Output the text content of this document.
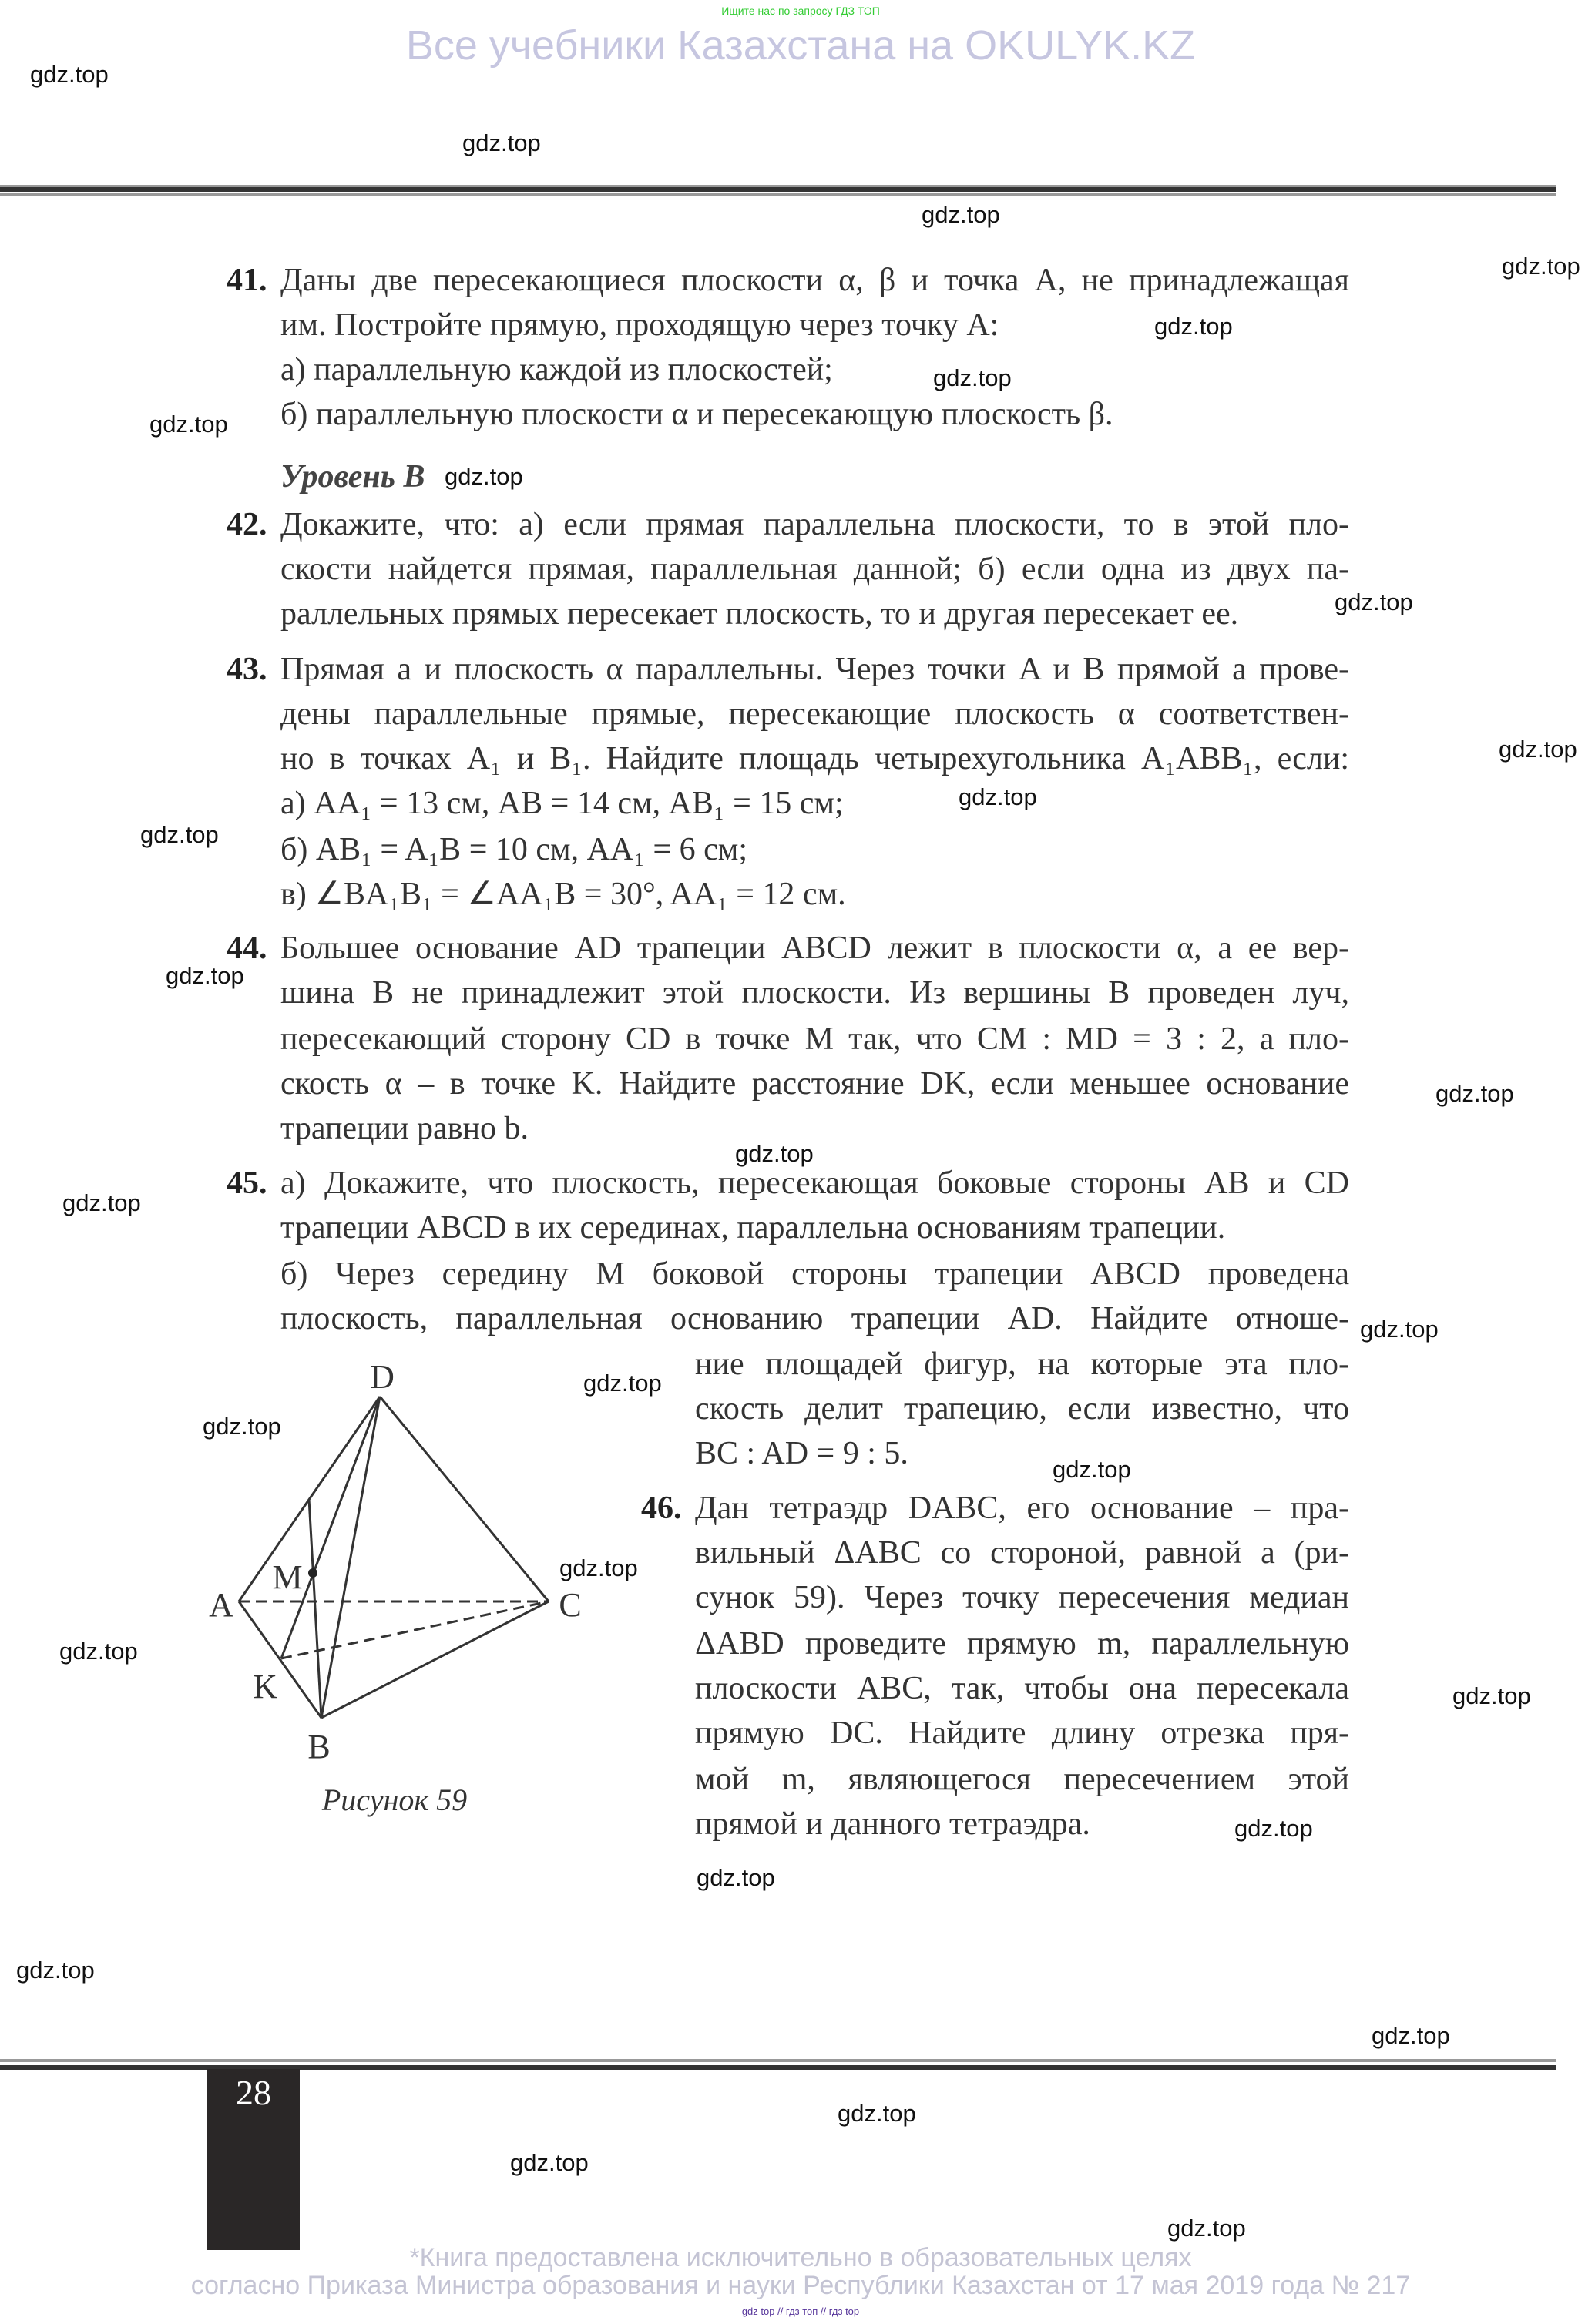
Ищите нас по запросу ГДЗ ТОП
Все учебники Казахстана на OKULYK.KZ
41. Даны две пересекающиеся плоскости α, β и точка A, не принадлежащая
им. Постройте прямую, проходящую через точку A:
а) параллельную каждой из плоскостей;
б) параллельную плоскости α и пересекающую плоскость β.
42. Докажите, что: а) если прямая параллельна плоскости, то в этой пло-
скости найдется прямая, параллельная данной; б) если одна из двух па-
раллельных прямых пересекает плоскость, то и другая пересекает ее.
43. Прямая a и плоскость α параллельны. Через точки A и B прямой a прове-
дены параллельные прямые, пересекающие плоскость α соответствен-
но в точках A₁ и B₁. Найдите площадь четырехугольника A₁ABB₁, если:
а) AA₁ = 13 см, AB = 14 см, AB₁ = 15 см;
б) AB₁ = A₁B = 10 см, AA₁ = 6 см;
в) ∠BA₁B₁ = ∠AA₁B = 30°, AA₁ = 12 см.
44. Большее основание AD трапеции ABCD лежит в плоскости α, а ее вер-
шина B не принадлежит этой плоскости. Из вершины B проведен луч,
пересекающий сторону CD в точке M так, что CM : MD = 3 : 2, а пло-
скость α – в точке K. Найдите расстояние DK, если меньшее основание
трапеции равно b.
45. а) Докажите, что плоскость, пересекающая боковые стороны AB и CD
трапеции ABCD в их серединах, параллельна основаниям трапеции.
б) Через середину M боковой стороны трапеции ABCD проведена
плоскость, параллельная основанию трапеции AD. Найдите отноше-
ние площадей фигур, на которые эта пло-
скость делит трапецию, если известно, что
BC : AD = 9 : 5.
46. Дан тетраэдр DABC, его основание – пра-
вильный ΔABC со стороной, равной a (ри-
сунок 59). Через точку пересечения медиан
ΔABD проведите прямую m, параллельную
плоскости ABC, так, чтобы она пересекала
прямую DC. Найдите длину отрезка пря-
мой m, являющегося пересечением этой
прямой и данного тетраэдра.
Уровень B
D
A	C
B
K
M
Рисунок 59
28
*Книга предоставлена исключительно в образовательных целях
согласно Приказа Министра образования и науки Республики Казахстан от 17 мая 2019 года № 217
gdz top // гдз топ // гдз top
gdz.top
gdz.top
gdz.top
gdz.top
gdz.top
gdz.top
gdz.top
gdz.top
gdz.top
gdz.top
gdz.top
gdz.top
gdz.top
gdz.top
gdz.top
gdz.top
gdz.top
gdz.top
gdz.top
gdz.top
gdz.top
gdz.top
gdz.top
gdz.top
gdz.top
gdz.top
gdz.top
gdz.top
gdz.top
gdz.top
